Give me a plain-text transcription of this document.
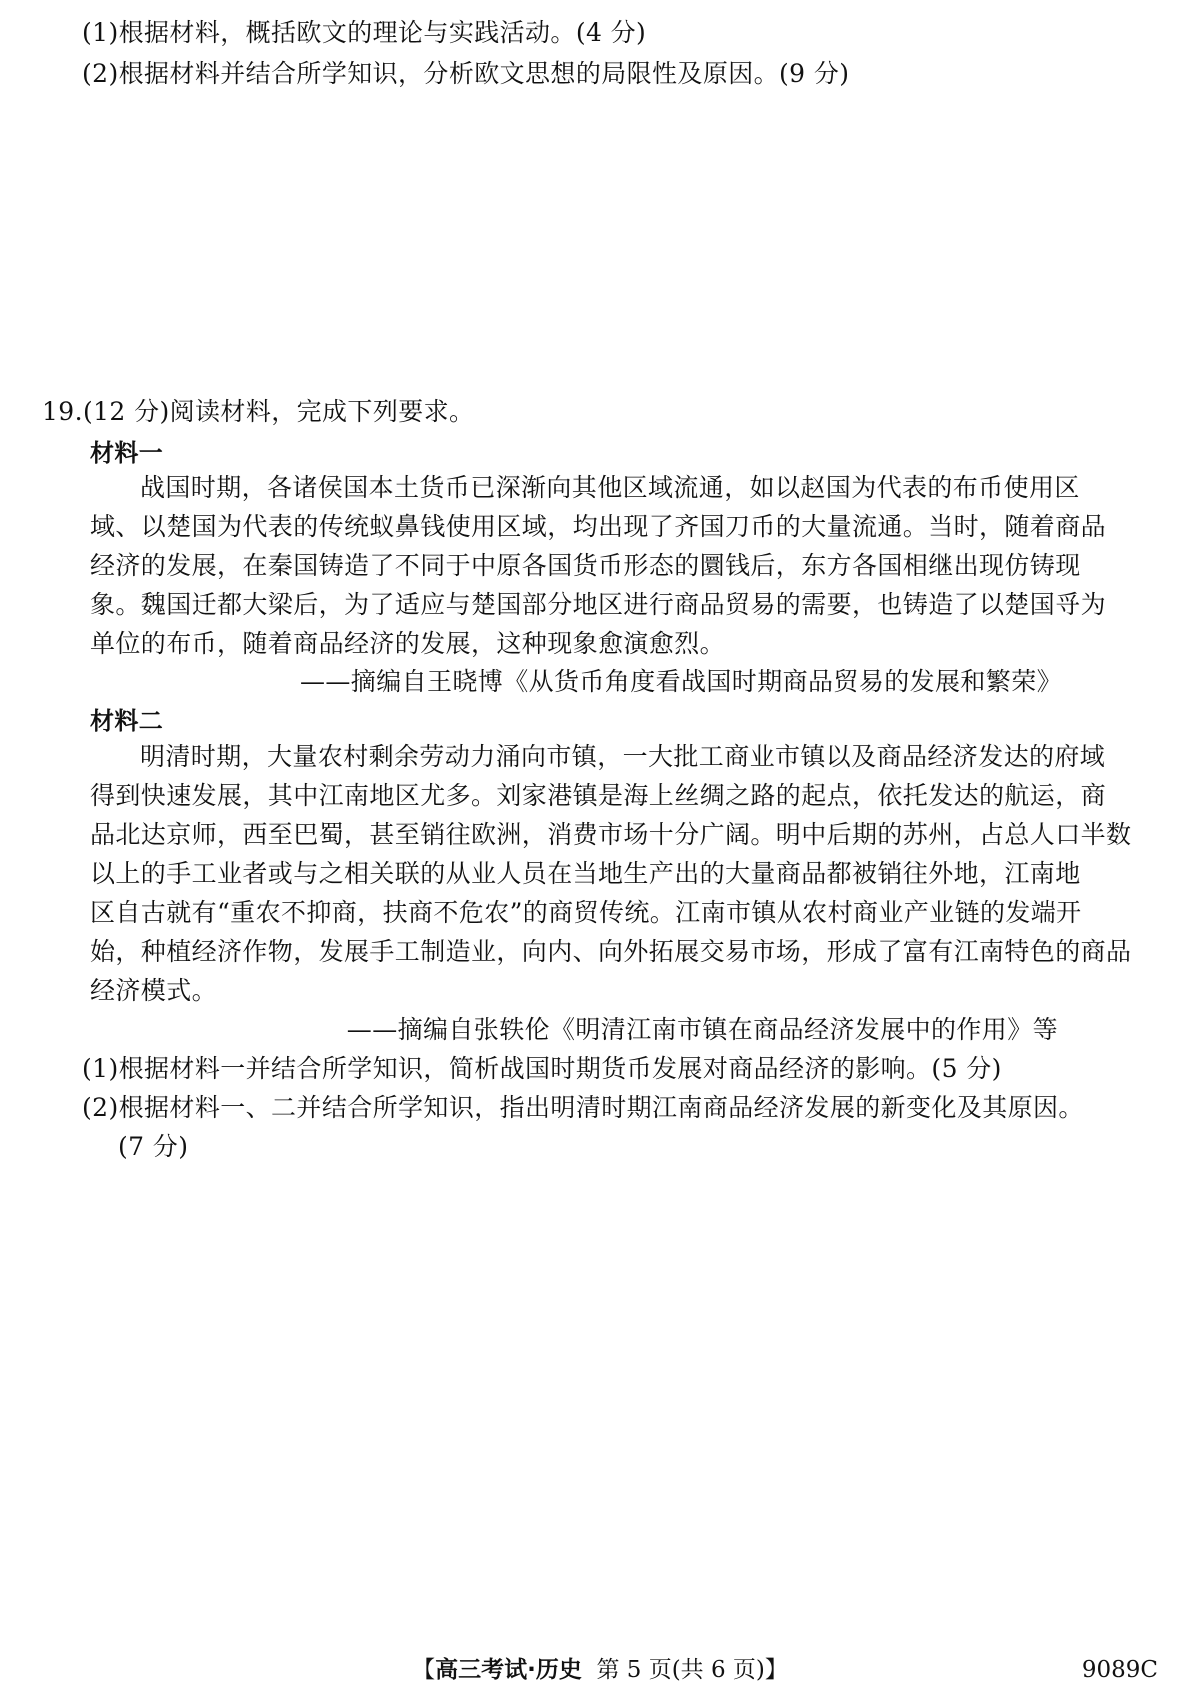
(1)根据材料，概括欧文的理论与实践活动。(4 分)
(2)根据材料并结合所学知识，分析欧文思想的局限性及原因。(9 分)
19.(12 分)阅读材料，完成下列要求。
材料一
战国时期，各诸侯国本土货币已深渐向其他区域流通，如以赵国为代表的布币使用区
域、以楚国为代表的传统蚁鼻钱使用区域，均出现了齐国刀币的大量流通。当时，随着商品
经济的发展，在秦国铸造了不同于中原各国货币形态的圜钱后，东方各国相继出现仿铸现
象。魏国迁都大梁后，为了适应与楚国部分地区进行商品贸易的需要，也铸造了以楚国寽为
单位的布币，随着商品经济的发展，这种现象愈演愈烈。
——摘编自王晓博《从货币角度看战国时期商品贸易的发展和繁荣》
材料二
明清时期，大量农村剩余劳动力涌向市镇，一大批工商业市镇以及商品经济发达的府域
得到快速发展，其中江南地区尤多。刘家港镇是海上丝绸之路的起点，依托发达的航运，商
品北达京师，西至巴蜀，甚至销往欧洲，消费市场十分广阔。明中后期的苏州，占总人口半数
以上的手工业者或与之相关联的从业人员在当地生产出的大量商品都被销往外地，江南地
区自古就有“重农不抑商，扶商不危农”的商贸传统。江南市镇从农村商业产业链的发端开
始，种植经济作物，发展手工制造业，向内、向外拓展交易市场，形成了富有江南特色的商品
经济模式。
——摘编自张轶伦《明清江南市镇在商品经济发展中的作用》等
(1)根据材料一并结合所学知识，简析战国时期货币发展对商品经济的影响。(5 分)
(2)根据材料一、二并结合所学知识，指出明清时期江南商品经济发展的新变化及其原因。
(7 分)
【高三考试·历史 第 5 页(共 6 页)】	9089C
